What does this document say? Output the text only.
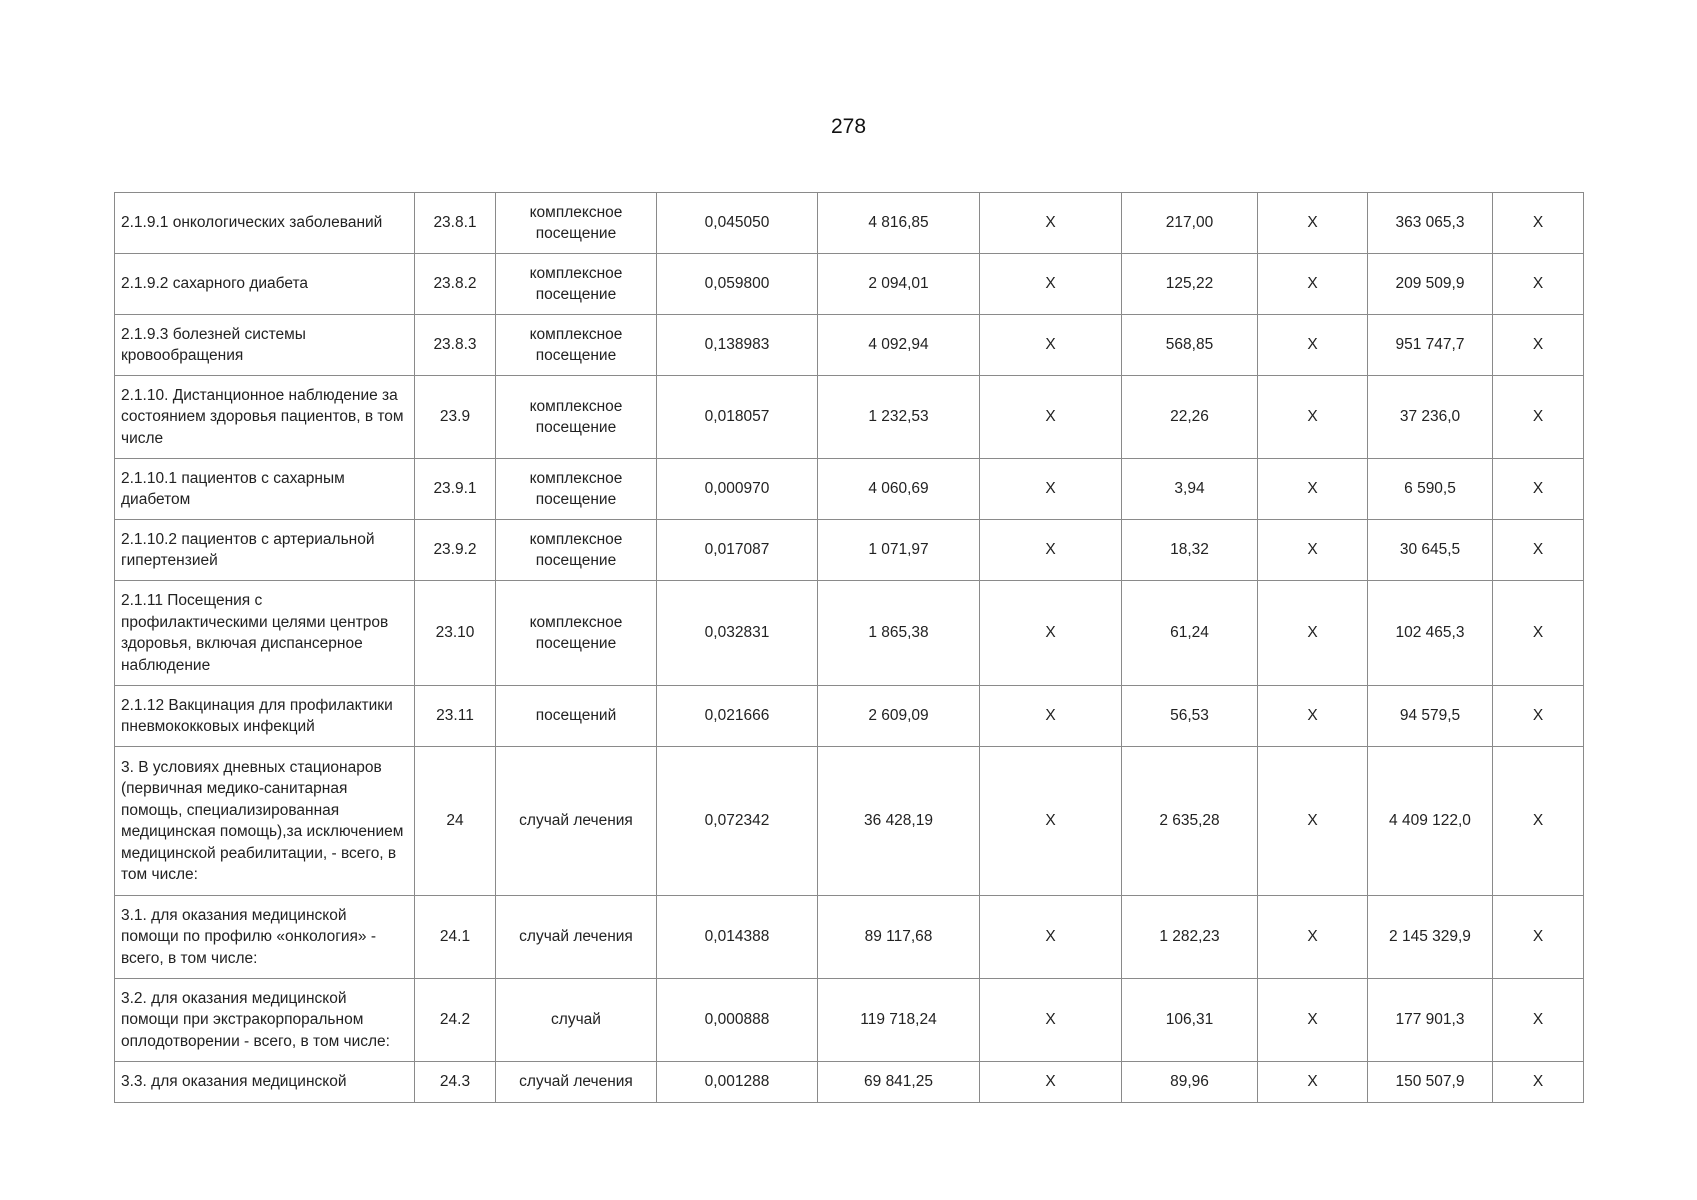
278
2.1.9.1 онкологических заболеваний	23.8.1	комплексное посещение	0,045050	4 816,85	Х	217,00	Х	363 065,3	Х
2.1.9.2 сахарного диабета	23.8.2	комплексное посещение	0,059800	2 094,01	Х	125,22	Х	209 509,9	Х
2.1.9.3 болезней системы кровообращения	23.8.3	комплексное посещение	0,138983	4 092,94	Х	568,85	Х	951 747,7	Х
2.1.10. Дистанционное наблюдение за состоянием здоровья пациентов, в том числе	23.9	комплексное посещение	0,018057	1 232,53	Х	22,26	Х	37 236,0	Х
2.1.10.1 пациентов с сахарным диабетом	23.9.1	комплексное посещение	0,000970	4 060,69	Х	3,94	Х	6 590,5	Х
2.1.10.2 пациентов с артериальной гипертензией	23.9.2	комплексное посещение	0,017087	1 071,97	Х	18,32	Х	30 645,5	Х
2.1.11 Посещения с профилактическими целями центров здоровья, включая диспансерное наблюдение	23.10	комплексное посещение	0,032831	1 865,38	Х	61,24	Х	102 465,3	Х
2.1.12 Вакцинация для профилактики пневмококковых инфекций	23.11	посещений	0,021666	2 609,09	Х	56,53	Х	94 579,5	Х
3. В условиях дневных стационаров (первичная медико-санитарная помощь, специализированная медицинская помощь),за исключением медицинской реабилитации, - всего, в том числе:	24	случай лечения	0,072342	36 428,19	Х	2 635,28	Х	4 409 122,0	Х
3.1. для оказания медицинской помощи по профилю «онкология» - всего, в том числе:	24.1	случай лечения	0,014388	89 117,68	Х	1 282,23	Х	2 145 329,9	Х
3.2. для оказания медицинской помощи при экстракорпоральном оплодотворении - всего, в том числе:	24.2	случай	0,000888	119 718,24	Х	106,31	Х	177 901,3	Х
3.3. для оказания медицинской	24.3	случай лечения	0,001288	69 841,25	Х	89,96	Х	150 507,9	Х
